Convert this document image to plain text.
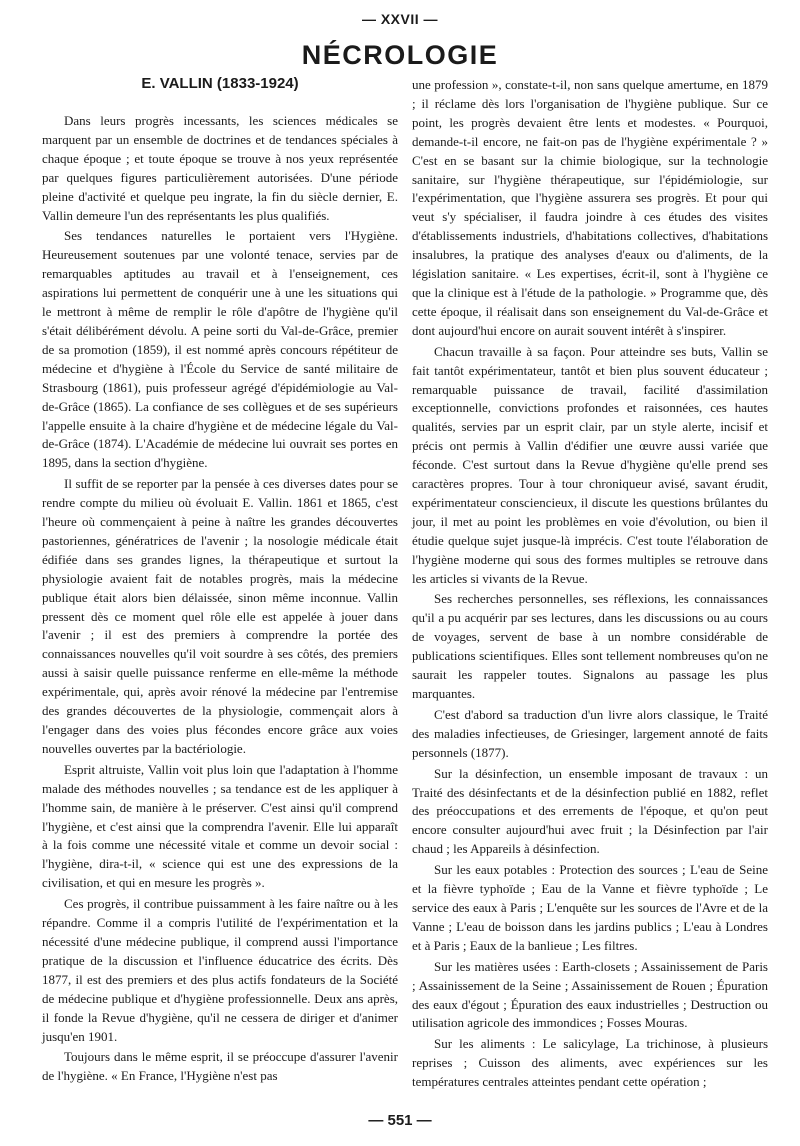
— XXVII —
NÉCROLOGIE
E. VALLIN (1833-1924)

Dans leurs progrès incessants, les sciences médicales se marquent par un ensemble de doctrines et de tendances spéciales à chaque époque ; et toute époque se trouve à nos yeux représentée par quelques figures particulièrement autorisées. D'une période pleine d'activité et quelque peu ingrate, la fin du siècle dernier, E. Vallin demeure l'un des représentants les plus qualifiés.

Ses tendances naturelles le portaient vers l'Hygiène. Heureusement soutenues par une volonté tenace, servies par de remarquables aptitudes au travail et à l'enseignement, ces aspirations lui permettent de conquérir une à une les situations qui le mettront à même de remplir le rôle d'apôtre de l'hygiène qu'il s'était délibérément dévolu. A peine sorti du Val-de-Grâce, premier de sa promotion (1859), il est nommé après concours répétiteur de médecine et d'hygiène à l'École du Service de santé militaire de Strasbourg (1861), puis professeur agrégé d'épidémiologie au Val-de-Grâce (1865). La confiance de ses collègues et de ses supérieurs l'appelle ensuite à la chaire d'hygiène et de médecine légale du Val-de-Grâce (1874). L'Académie de médecine lui ouvrait ses portes en 1895, dans la section d'hygiène.

Il suffit de se reporter par la pensée à ces diverses dates pour se rendre compte du milieu où évoluait E. Vallin. 1861 et 1865, c'est l'heure où commençaient à peine à naître les grandes découvertes pastoriennes, génératrices de l'avenir ; la nosologie médicale était édifiée dans ses grandes lignes, la thérapeutique et surtout la physiologie avaient fait de notables progrès, mais la médecine publique était alors bien délaissée, sinon même inconnue. Vallin pressent dès ce moment quel rôle elle est appelée à jouer dans l'avenir ; il est des premiers à comprendre la portée des connaissances nouvelles qu'il voit sourdre à ses côtés, des premiers aussi à saisir quelle puissance renferme en elle-même la méthode expérimentale, qui, après avoir rénové la médecine par l'entremise des grandes découvertes de la physiologie, commençait alors à l'engager dans des voies plus fécondes encore grâce aux voies nouvelles ouvertes par la bactériologie.

Esprit altruiste, Vallin voit plus loin que l'adaptation à l'homme malade des méthodes nouvelles ; sa tendance est de les appliquer à l'homme sain, de manière à le préserver. C'est ainsi qu'il comprend l'hygiène, et c'est ainsi que la comprendra l'avenir. Elle lui apparaît à la fois comme une nécessité vitale et comme un devoir social : l'hygiène, dira-t-il, « science qui est une des expressions de la civilisation, et qui en mesure les progrès ».

Ces progrès, il contribue puissamment à les faire naître ou à les répandre. Comme il a compris l'utilité de l'expérimentation et la nécessité d'une médecine publique, il comprend aussi l'importance pratique de la discussion et l'influence éducatrice des écrits. Dès 1877, il est des premiers et des plus actifs fondateurs de la Société de médecine publique et d'hygiène professionnelle. Deux ans après, il fonde la Revue d'hygiène, qu'il ne cessera de diriger et d'animer jusqu'en 1901.

Toujours dans le même esprit, il se préoccupe d'assurer l'avenir de l'hygiène. « En France, l'Hygiène n'est pas

une profession », constate-t-il, non sans quelque amertume, en 1879 ; il réclame dès lors l'organisation de l'hygiène publique. Sur ce point, les progrès devaient être lents et modestes. « Pourquoi, demande-t-il encore, ne fait-on pas de l'hygiène expérimentale ? » C'est en se basant sur la chimie biologique, sur la technologie sanitaire, sur l'hygiène thérapeutique, sur l'épidémiologie, sur l'expérimentation, que l'hygiène assurera ses progrès. Et pour qui veut s'y spécialiser, il faudra joindre à ces études des visites d'établissements industriels, d'habitations collectives, d'habitations insalubres, la pratique des analyses d'eaux ou d'aliments, de la législation sanitaire. « Les expertises, écrit-il, sont à l'hygiène ce que la clinique est à l'étude de la pathologie. » Programme que, dès cette époque, il réalisait dans son enseignement du Val-de-Grâce et dont aujourd'hui encore on aurait souvent intérêt à s'inspirer.

Chacun travaille à sa façon. Pour atteindre ses buts, Vallin se fait tantôt expérimentateur, tantôt et bien plus souvent éducateur ; remarquable puissance de travail, facilité d'assimilation exceptionnelle, convictions profondes et raisonnées, ces hautes qualités, servies par un esprit clair, par un style alerte, incisif et précis ont permis à Vallin d'édifier une œuvre aussi variée que féconde. C'est surtout dans la Revue d'hygiène qu'elle prend ses caractères propres. Tour à tour chroniqueur avisé, savant érudit, expérimentateur consciencieux, il discute les questions brûlantes du jour, il met au point les problèmes en voie d'évolution, ou bien il étudie quelque sujet jusque-là imprécis. C'est toute l'élaboration de l'hygiène moderne qui sous des formes multiples se retrouve dans les articles si vivants de la Revue.

Ses recherches personnelles, ses réflexions, les connaissances qu'il a pu acquérir par ses lectures, dans les discussions ou au cours de voyages, servent de base à un nombre considérable de publications scientifiques. Elles sont tellement nombreuses qu'on ne saurait les rappeler toutes. Signalons au passage les plus marquantes.

C'est d'abord sa traduction d'un livre alors classique, le Traité des maladies infectieuses, de Griesinger, largement annoté de faits personnels (1877).

Sur la désinfection, un ensemble imposant de travaux : un Traité des désinfectants et de la désinfection publié en 1882, reflet des préoccupations et des errements de l'époque, et qu'on peut encore consulter aujourd'hui avec fruit ; la Désinfection par l'air chaud ; les Appareils à désinfection.

Sur les eaux potables : Protection des sources ; L'eau de Seine et la fièvre typhoïde ; Eau de la Vanne et fièvre typhoïde ; Le service des eaux à Paris ; L'enquête sur les sources de l'Avre et de la Vanne ; L'eau de boisson dans les jardins publics ; L'eau à Londres et à Paris ; Eaux de la banlieue ; Les filtres.

Sur les matières usées : Earth-closets ; Assainissement de Paris ; Assainissement de la Seine ; Assainissement de Rouen ; Épuration des eaux d'égout ; Épuration des eaux industrielles ; Destruction ou utilisation agricole des immondices ; Fosses Mouras.

Sur les aliments : Le salicylage, La trichinose, à plusieurs reprises ; Cuisson des aliments, avec expériences sur les températures centrales atteintes pendant cette opération ;

— 551 —
